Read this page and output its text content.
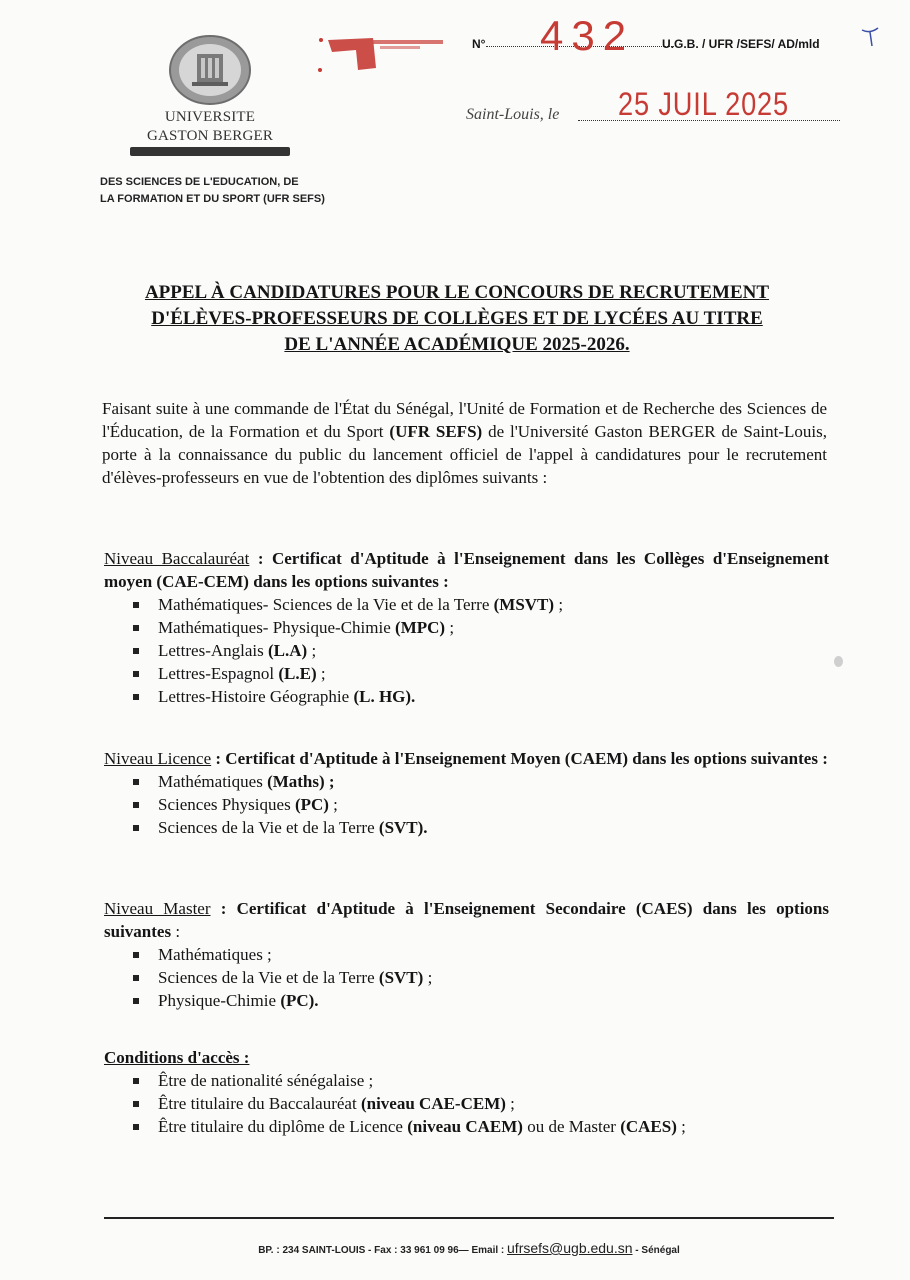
UNIVERSITE
GASTON BERGER
DES SCIENCES DE L'EDUCATION, DE
LA FORMATION ET DU SPORT (UFR SEFS)
N° 432 U.G.B. / UFR /SEFS/ AD/mld
Saint-Louis, le 25 JUIL 2025
APPEL À CANDIDATURES POUR LE CONCOURS DE RECRUTEMENT
D'ÉLÈVES-PROFESSEURS DE COLLÈGES ET DE LYCÉES AU TITRE
DE L'ANNÉE ACADÉMIQUE 2025-2026.
Faisant suite à une commande de l'État du Sénégal, l'Unité de Formation et de Recherche des Sciences de l'Éducation, de la Formation et du Sport (UFR SEFS) de l'Université Gaston BERGER de Saint-Louis, porte à la connaissance du public du lancement officiel de l'appel à candidatures pour le recrutement d'élèves-professeurs en vue de l'obtention des diplômes suivants :
Niveau Baccalauréat : Certificat d'Aptitude à l'Enseignement dans les Collèges d'Enseignement moyen (CAE-CEM) dans les options suivantes :
Mathématiques- Sciences de la Vie et de la Terre (MSVT) ;
Mathématiques- Physique-Chimie (MPC) ;
Lettres-Anglais (L.A) ;
Lettres-Espagnol (L.E) ;
Lettres-Histoire Géographie (L. HG).
Niveau Licence : Certificat d'Aptitude à l'Enseignement Moyen (CAEM) dans les options suivantes :
Mathématiques (Maths) ;
Sciences Physiques (PC) ;
Sciences de la Vie et de la Terre (SVT).
Niveau Master : Certificat d'Aptitude à l'Enseignement Secondaire (CAES) dans les options suivantes :
Mathématiques ;
Sciences de la Vie et de la Terre (SVT) ;
Physique-Chimie (PC).
Conditions d'accès :
Être de nationalité sénégalaise ;
Être titulaire du Baccalauréat (niveau CAE-CEM) ;
Être titulaire du diplôme de Licence (niveau CAEM) ou de Master (CAES) ;
BP. : 234 SAINT-LOUIS - Fax : 33 961 09 96— Email : ufrsefs@ugb.edu.sn - Sénégal
